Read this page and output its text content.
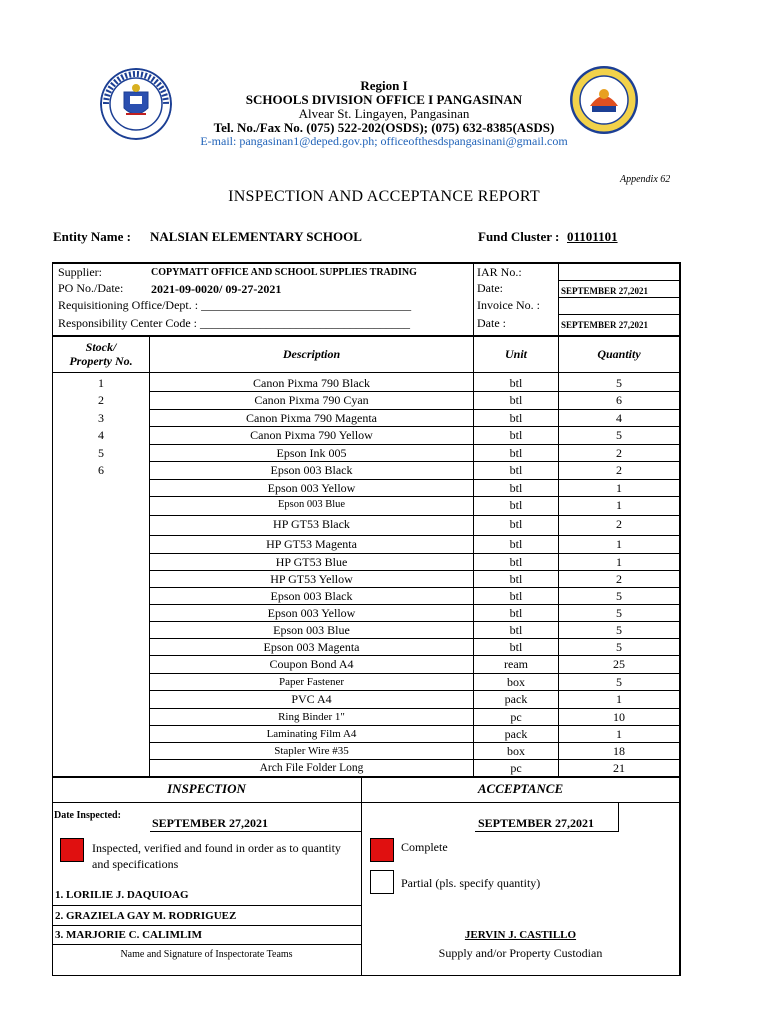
Region I
SCHOOLS DIVISION OFFICE I PANGASINAN
Alvear St. Lingayen, Pangasinan
Tel. No./Fax No. (075) 522-202(OSDS); (075) 632-8385(ASDS)
E-mail: pangasinan1@deped.gov.ph; officeofthesdspangasinani@gmail.com
Appendix 62
INSPECTION AND ACCEPTANCE REPORT
Entity Name : NALSIAN ELEMENTARY SCHOOL	Fund Cluster : 01101101
Supplier:	COPYMATT OFFICE AND SCHOOL SUPPLIES TRADING
PO No./Date: 2021-09-0020/ 09-27-2021
Requisitioning Office/Dept. : ___________________________________
Responsibility Center Code : ___________________________________
IAR No.:
Date:	SEPTEMBER 27,2021
Invoice No. :
Date :	SEPTEMBER 27,2021
Stock/
Property No.	Description	Unit	Quantity
1	Canon Pixma 790 Black	btl	5
2	Canon Pixma 790 Cyan	btl	6
3	Canon Pixma 790 Magenta	btl	4
4	Canon Pixma 790 Yellow	btl	5
5	Epson Ink 005	btl	2
6	Epson 003 Black	btl	2
Epson 003 Yellow	btl	1
Epson 003 Blue	btl	1
HP GT53 Black	btl	2
HP GT53 Magenta	btl	1
HP GT53 Blue	btl	1
HP GT53 Yellow	btl	2
Epson 003 Black	btl	5
Epson 003 Yellow	btl	5
Epson 003 Blue	btl	5
Epson 003 Magenta	btl	5
Coupon Bond A4	ream	25
Paper Fastener	box	5
PVC A4	pack	1
Ring Binder 1"	pc	10
Laminating Film A4	pack	1
Stapler Wire #35	box	18
Arch File Folder Long	pc	21
INSPECTION	ACCEPTANCE
Date Inspected:
SEPTEMBER 27,2021	SEPTEMBER 27,2021
Inspected, verified and found in order as to quantity and specifications
Complete
Partial (pls. specify quantity)
1. LORILIE J. DAQUIOAG
2. GRAZIELA GAY M. RODRIGUEZ
3. MARJORIE C. CALIMLIM
Name and Signature of Inspectorate Teams
JERVIN J. CASTILLO
Supply and/or Property Custodian
